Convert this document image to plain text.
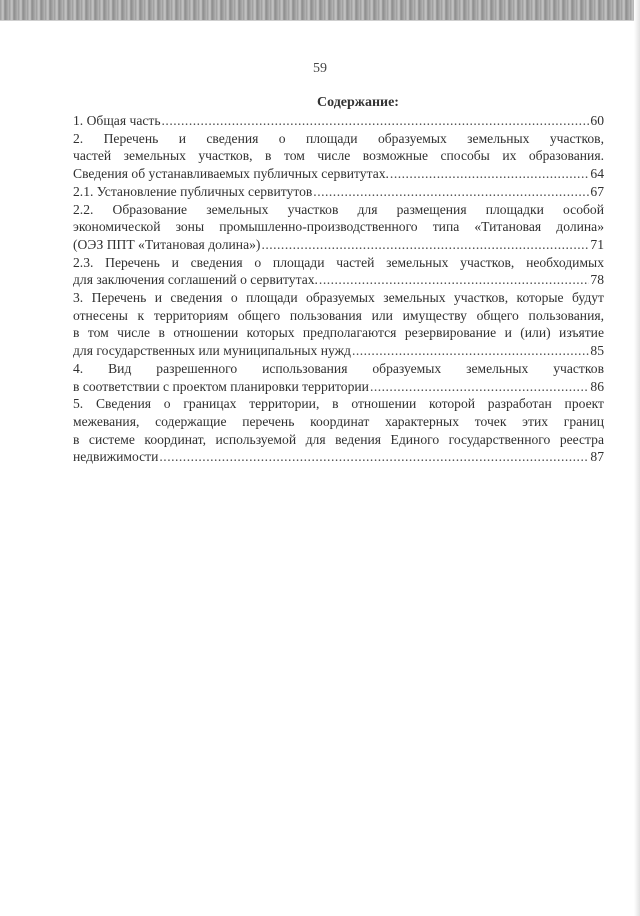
59
Содержание:
1. Общая часть .....	60
2. Перечень и сведения о площади образуемых земельных участков,
частей земельных участков, в том числе возможные способы их образования.
Сведения об устанавливаемых публичных сервитутах. .....	64
2.1. Установление публичных сервитутов .....	67
2.2. Образование земельных участков для размещения площадки особой
экономической зоны промышленно-производственного типа «Титановая долина»
(ОЭЗ ППТ «Титановая долина») .....	71
2.3. Перечень и сведения о площади частей земельных участков, необходимых
для заключения соглашений о сервитутах. .....	78
3. Перечень и сведения о площади образуемых земельных участков, которые будут
отнесены к территориям общего пользования или имуществу общего пользования,
в том числе в отношении которых предполагаются резервирование и (или) изъятие
для государственных или муниципальных нужд .....	85
4. Вид разрешенного использования образуемых земельных участков
в соответствии с проектом планировки территории .....	86
5. Сведения о границах территории, в отношении которой разработан проект
межевания, содержащие перечень координат характерных точек этих границ
в системе координат, используемой для ведения Единого государственного реестра
недвижимости .....	87
